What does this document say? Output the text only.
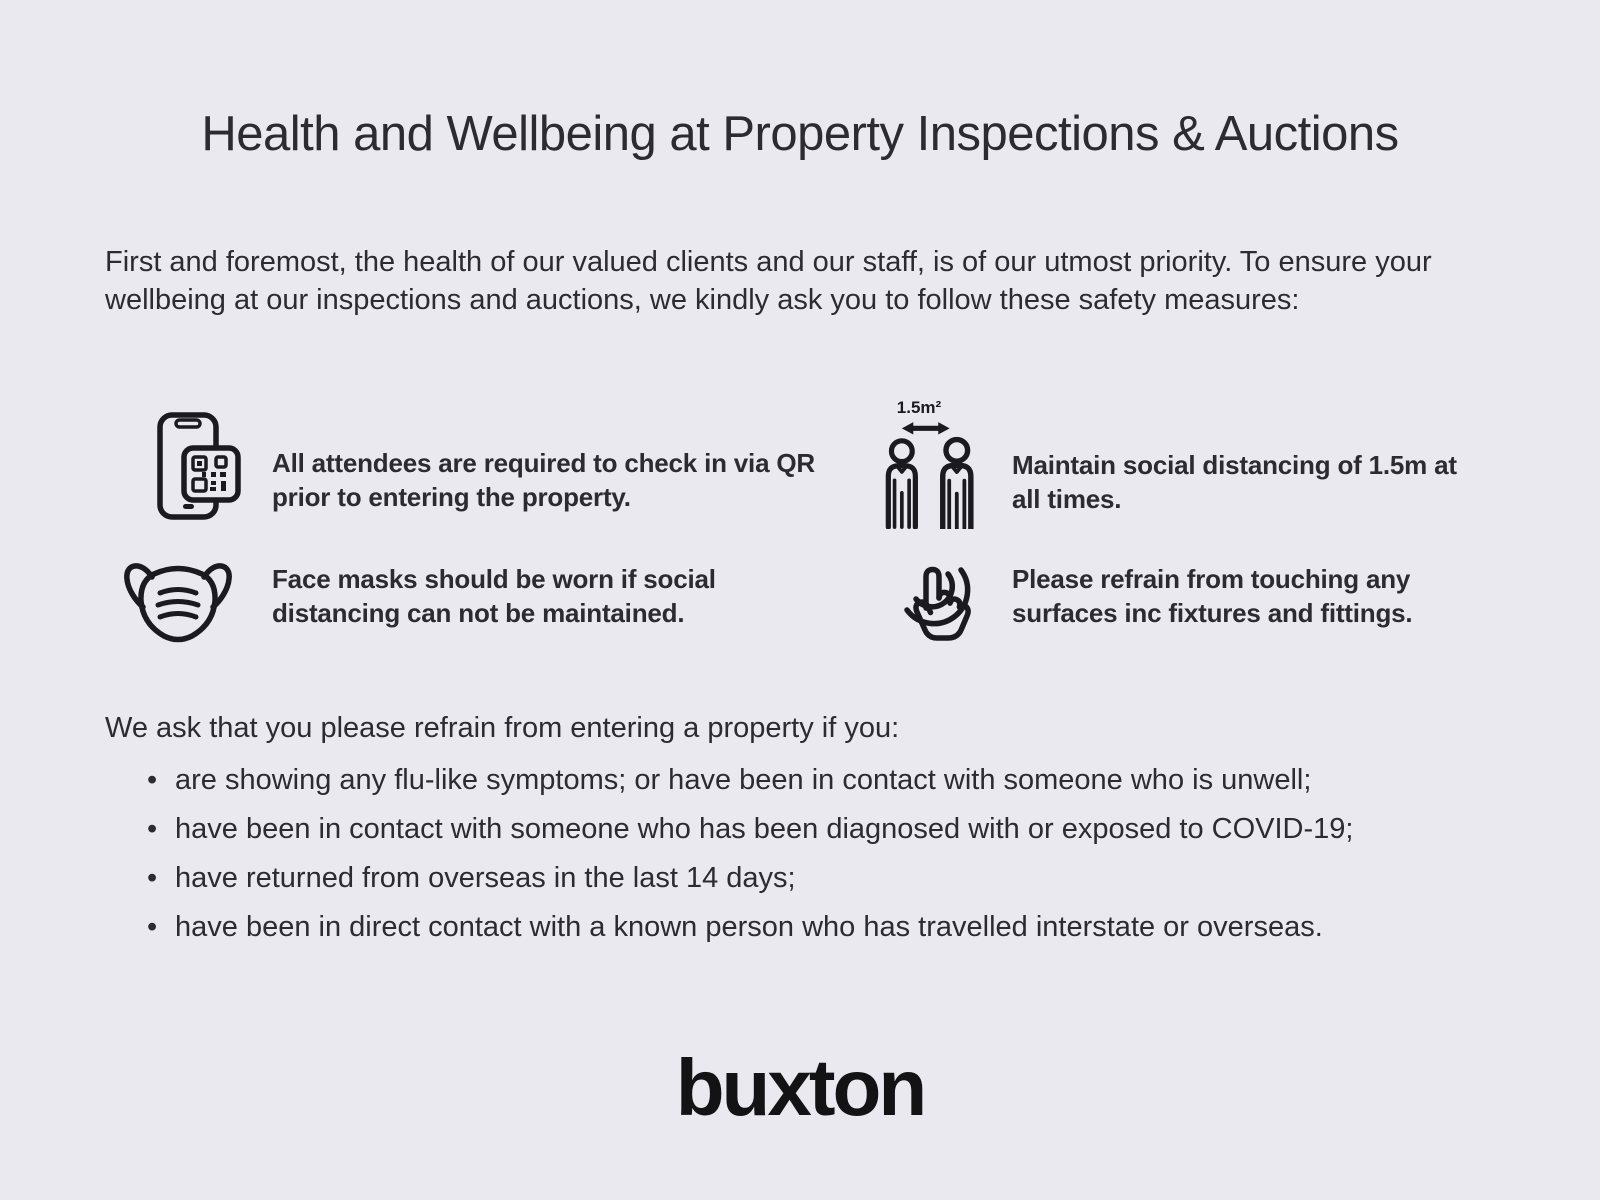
Health and Wellbeing at Property Inspections & Auctions

First and foremost, the health of our valued clients and our staff, is of our utmost priority. To ensure your wellbeing at our inspections and auctions, we kindly ask you to follow these safety measures:

All attendees are required to check in via QR prior to entering the property.
1.5m²
Maintain social distancing of 1.5m at all times.
Face masks should be worn if social distancing can not be maintained.
Please refrain from touching any surfaces inc fixtures and fittings.

We ask that you please refrain from entering a property if you:

• are showing any flu-like symptoms; or have been in contact with someone who is unwell;
• have been in contact with someone who has been diagnosed with or exposed to COVID-19;
• have returned from overseas in the last 14 days;
• have been in direct contact with a known person who has travelled interstate or overseas.
buxton
